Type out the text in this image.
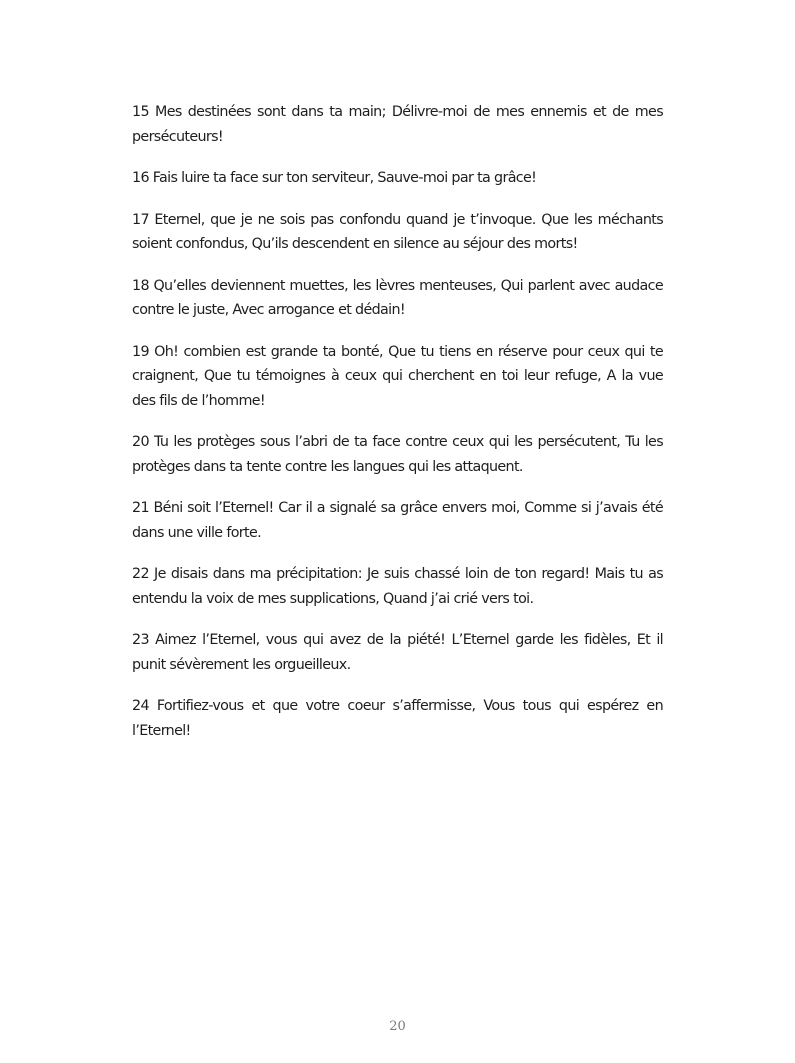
15 Mes destinées sont dans ta main; Délivre-moi de mes ennemis et de mes persécuteurs!

16 Fais luire ta face sur ton serviteur, Sauve-moi par ta grâce!

17 Eternel, que je ne sois pas confondu quand je t’invoque. Que les méchants soient confondus, Qu’ils descendent en silence au séjour des morts!

18 Qu’elles deviennent muettes, les lèvres menteuses, Qui parlent avec audace contre le juste, Avec arrogance et dédain!

19 Oh! combien est grande ta bonté, Que tu tiens en réserve pour ceux qui te craignent, Que tu témoignes à ceux qui cherchent en toi leur refuge, A la vue des fils de l’homme!

20 Tu les protèges sous l’abri de ta face contre ceux qui les persécutent, Tu les protèges dans ta tente contre les langues qui les attaquent.

21 Béni soit l’Eternel! Car il a signalé sa grâce envers moi, Comme si j’avais été dans une ville forte.

22 Je disais dans ma précipitation: Je suis chassé loin de ton regard! Mais tu as entendu la voix de mes supplications, Quand j’ai crié vers toi.

23 Aimez l’Eternel, vous qui avez de la piété! L’Eternel garde les fidèles, Et il punit sévèrement les orgueilleux.

24 Fortifiez-vous et que votre coeur s’affermisse, Vous tous qui espérez en l’Eternel!

20
